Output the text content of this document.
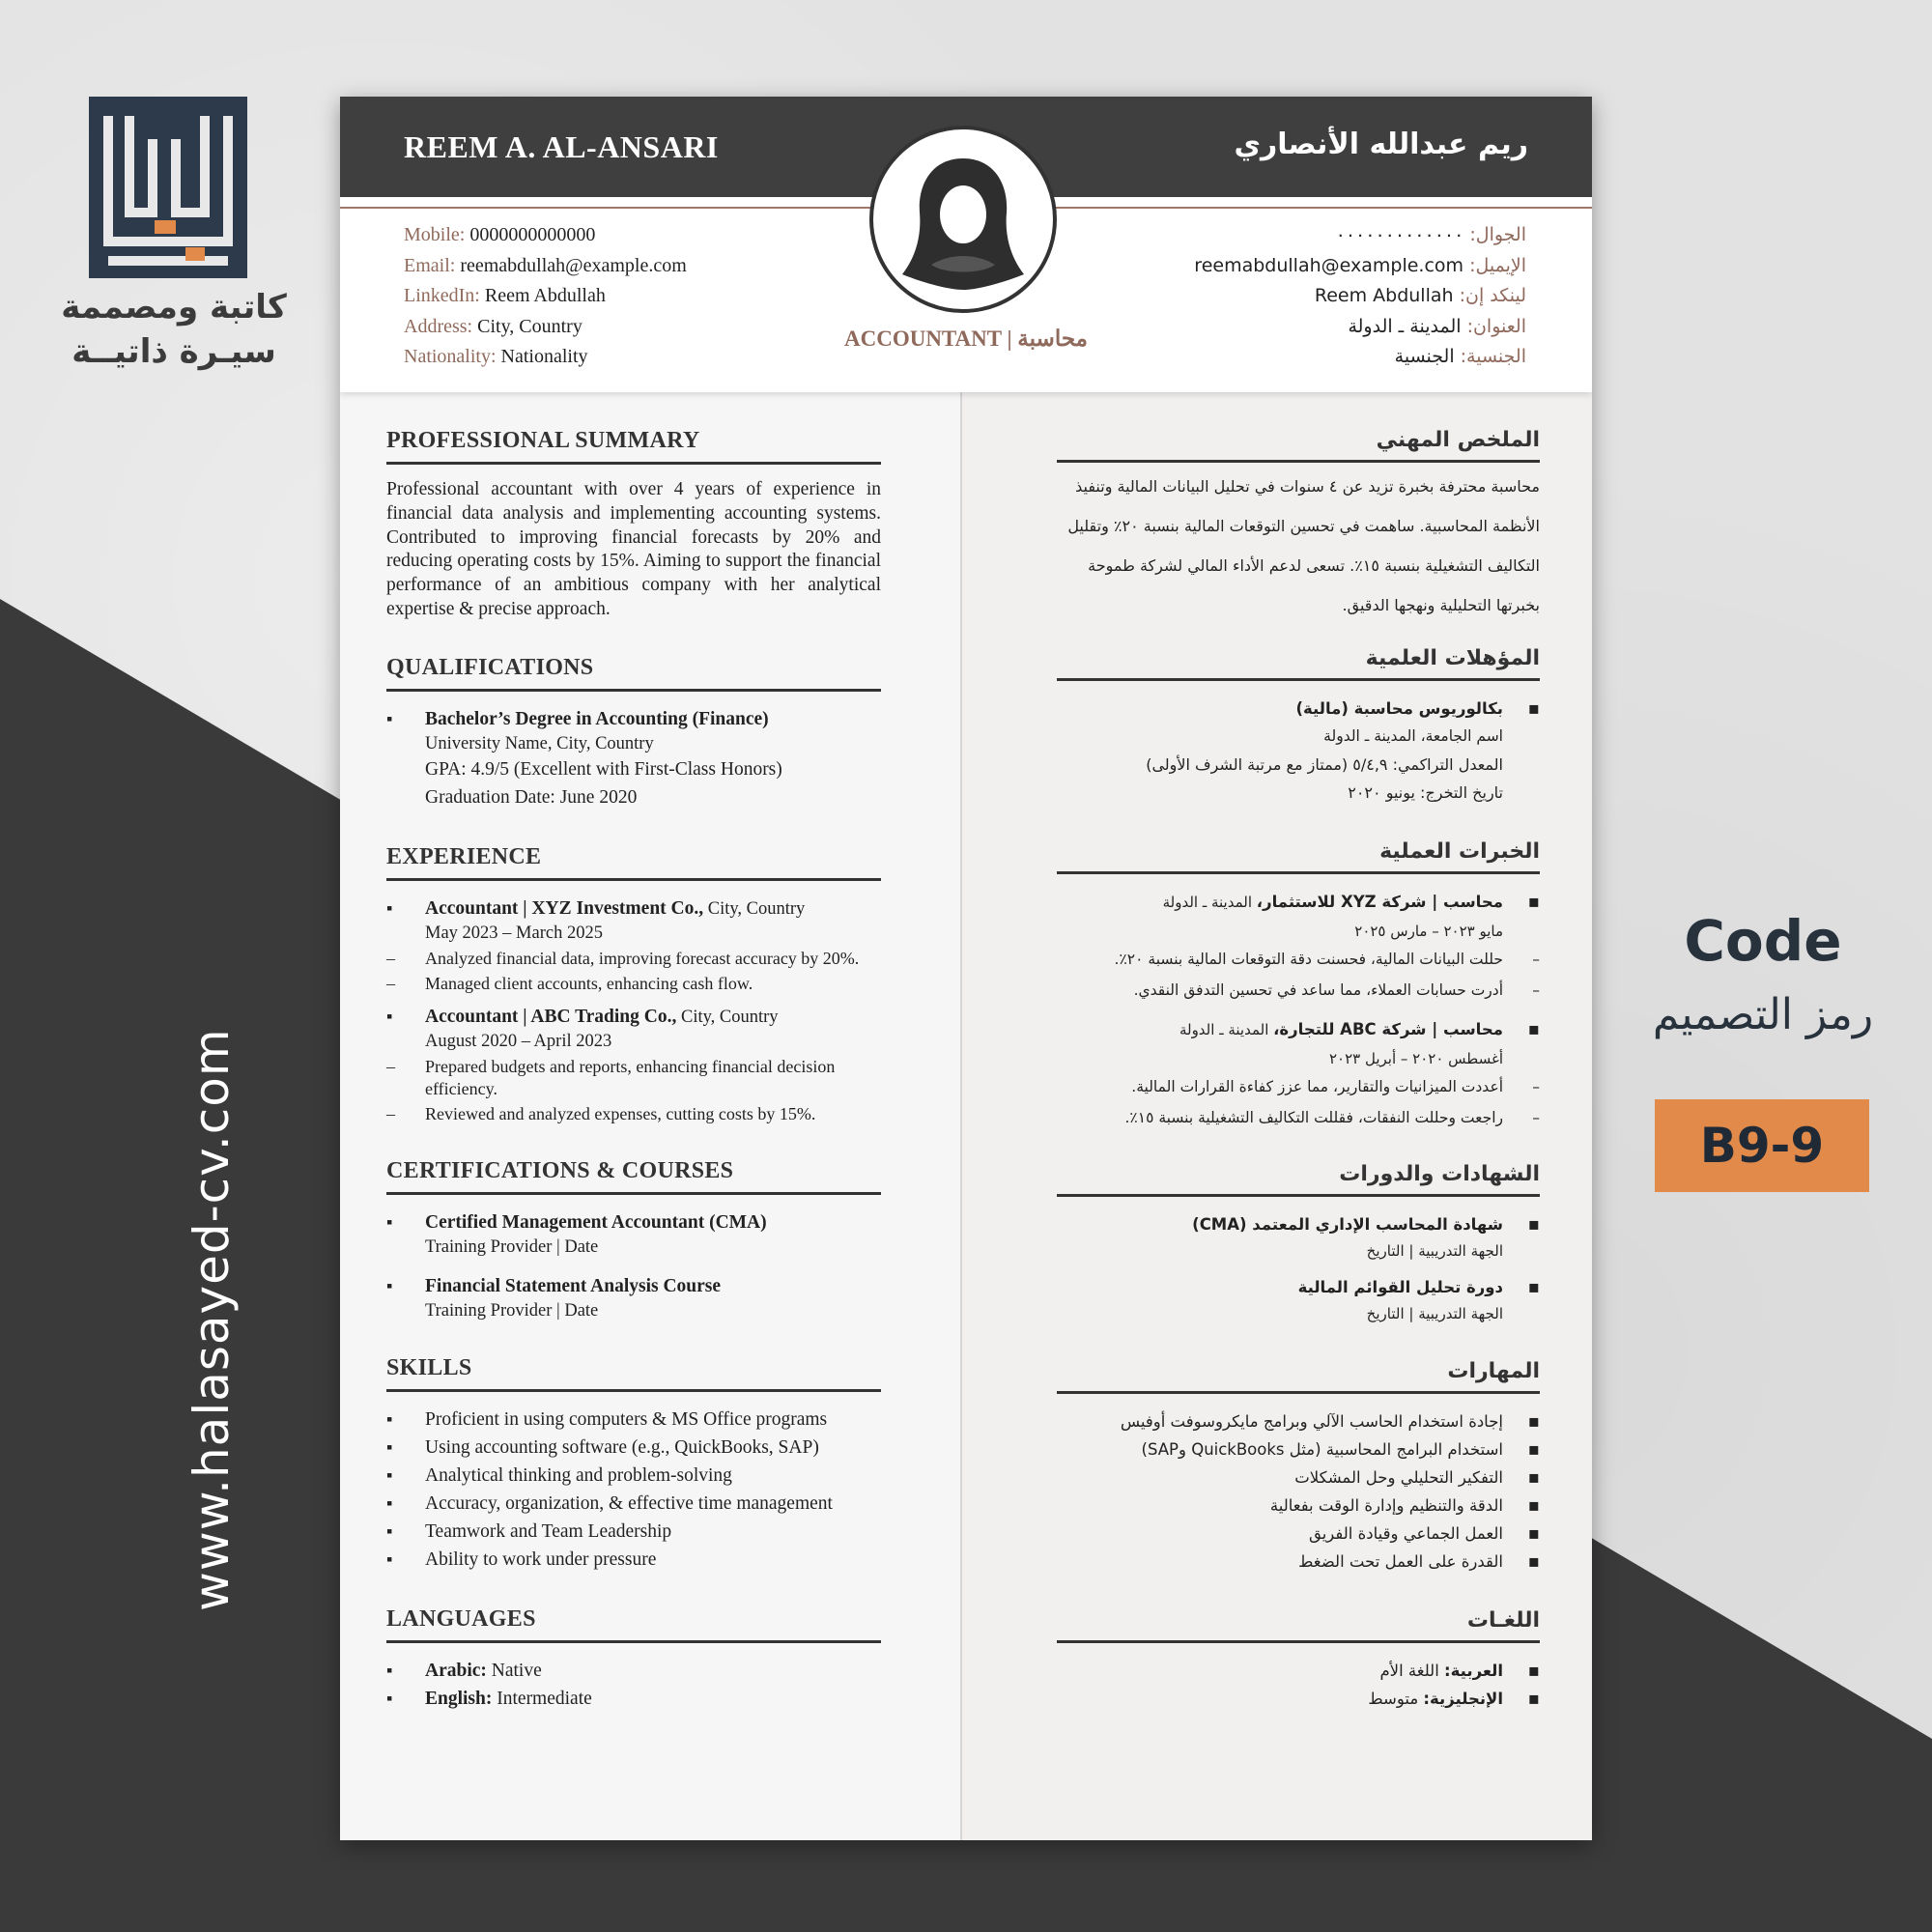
كاتبة ومصممة
سيـرة ذاتيــة
www.halasayed-cv.com
Code
رمز التصميم
B9-9
REEM A. AL-ANSARI	ريم عبدالله الأنصاري
Mobile: 0000000000000
Email: reemabdullah@example.com
LinkedIn: Reem Abdullah
Address: City, Country
Nationality: Nationality
الجوال: ٠٠٠٠٠٠٠٠٠٠٠٠٠
الإيميل: reemabdullah@example.com
لينكد إن: Reem Abdullah
العنوان: المدينة ـ الدولة
الجنسية: الجنسية
ACCOUNTANT | محاسبة
PROFESSIONAL SUMMARY

Professional accountant with over 4 years of experience in financial data analysis and implementing accounting systems. Contributed to improving financial forecasts by 20% and reducing operating costs by 15%. Aiming to support the financial performance of an ambitious company with her analytical expertise & precise approach.

QUALIFICATIONS
▪ Bachelor’s Degree in Accounting (Finance)
University Name, City, Country
GPA: 4.9/5 (Excellent with First-Class Honors)
Graduation Date: June 2020
EXPERIENCE
▪ Accountant | XYZ Investment Co., City, Country
May 2023 – March 2025
– Analyzed financial data, improving forecast accuracy by 20%.
– Managed client accounts, enhancing cash flow.
▪ Accountant | ABC Trading Co., City, Country
August 2020 – April 2023
– Prepared budgets and reports, enhancing financial decision efficiency.
– Reviewed and analyzed expenses, cutting costs by 15%.
CERTIFICATIONS & COURSES
▪ Certified Management Accountant (CMA)
Training Provider | Date
▪ Financial Statement Analysis Course
Training Provider | Date
SKILLS
▪ Proficient in using computers & MS Office programs
▪ Using accounting software (e.g., QuickBooks, SAP)
▪ Analytical thinking and problem-solving
▪ Accuracy, organization, & effective time management
▪ Teamwork and Team Leadership
▪ Ability to work under pressure
LANGUAGES
▪ Arabic: Native
▪ English: Intermediate
الملخص المهني

محاسبة محترفة بخبرة تزيد عن ٤ سنوات في تحليل البيانات المالية وتنفيذ الأنظمة المحاسبية. ساهمت في تحسين التوقعات المالية بنسبة ٢٠٪ وتقليل التكاليف التشغيلية بنسبة ١٥٪. تسعى لدعم الأداء المالي لشركة طموحة بخبرتها التحليلية ونهجها الدقيق.

المؤهلات العلمية
▪ بكالوريوس محاسبة (مالية)
اسم الجامعة، المدينة ـ الدولة
المعدل التراكمي: ٥/٤,٩ (ممتاز مع مرتبة الشرف الأولى)
تاريخ التخرج: يونيو ٢٠٢٠
الخبرات العملية
▪ محاسب | شركة XYZ للاستثمار، المدينة ـ الدولة
مايو ٢٠٢٣ – مارس ٢٠٢٥
– حللت البيانات المالية، فحسنت دقة التوقعات المالية بنسبة ٢٠٪.
– أدرت حسابات العملاء، مما ساعد في تحسين التدفق النقدي.
▪ محاسب | شركة ABC للتجارة، المدينة ـ الدولة
أغسطس ٢٠٢٠ – أبريل ٢٠٢٣
– أعددت الميزانيات والتقارير، مما عزز كفاءة القرارات المالية.
– راجعت وحللت النفقات، فقللت التكاليف التشغيلية بنسبة ١٥٪.
الشهادات والدورات
▪ شهادة المحاسب الإداري المعتمد (CMA)
الجهة التدريبية | التاريخ
▪ دورة تحليل القوائم المالية
الجهة التدريبية | التاريخ
المهارات
▪ إجادة استخدام الحاسب الآلي وبرامج مايكروسوفت أوفيس
▪ استخدام البرامج المحاسبية (مثل QuickBooks وSAP)
▪ التفكير التحليلي وحل المشكلات
▪ الدقة والتنظيم وإدارة الوقت بفعالية
▪ العمل الجماعي وقيادة الفريق
▪ القدرة على العمل تحت الضغط
اللغـات
▪ العربية: اللغة الأم
▪ الإنجليزية: متوسط
